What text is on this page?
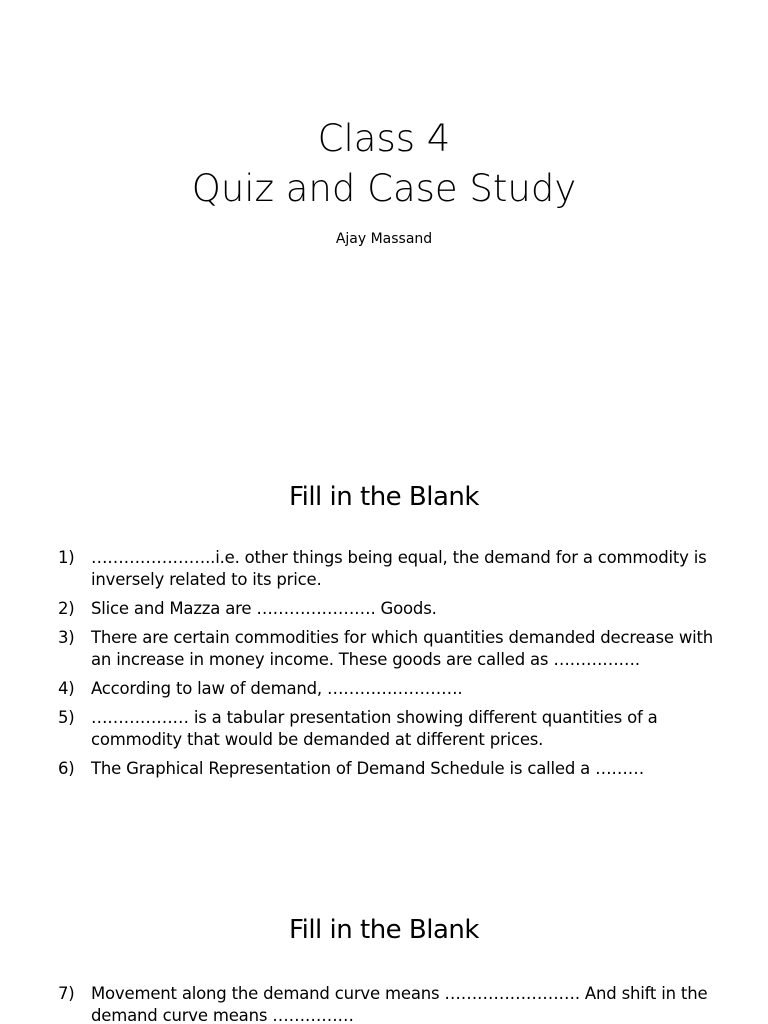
Class 4
Quiz and Case Study
Ajay Massand
Fill in the Blank
1) …………………..i.e. other things being equal, the demand for a commodity is inversely related to its price.
2) Slice and Mazza are …………………. Goods.
3) There are certain commodities for which quantities demanded decrease with an increase in money income. These goods are called as …………….
4) According to law of demand, …………………….
5) ……………… is a tabular presentation showing different quantities of a commodity that would be demanded at different prices.
6) The Graphical Representation of Demand Schedule is called a ………
Fill in the Blank
7) Movement along the demand curve means ……………………. And shift in the demand curve means ……………
